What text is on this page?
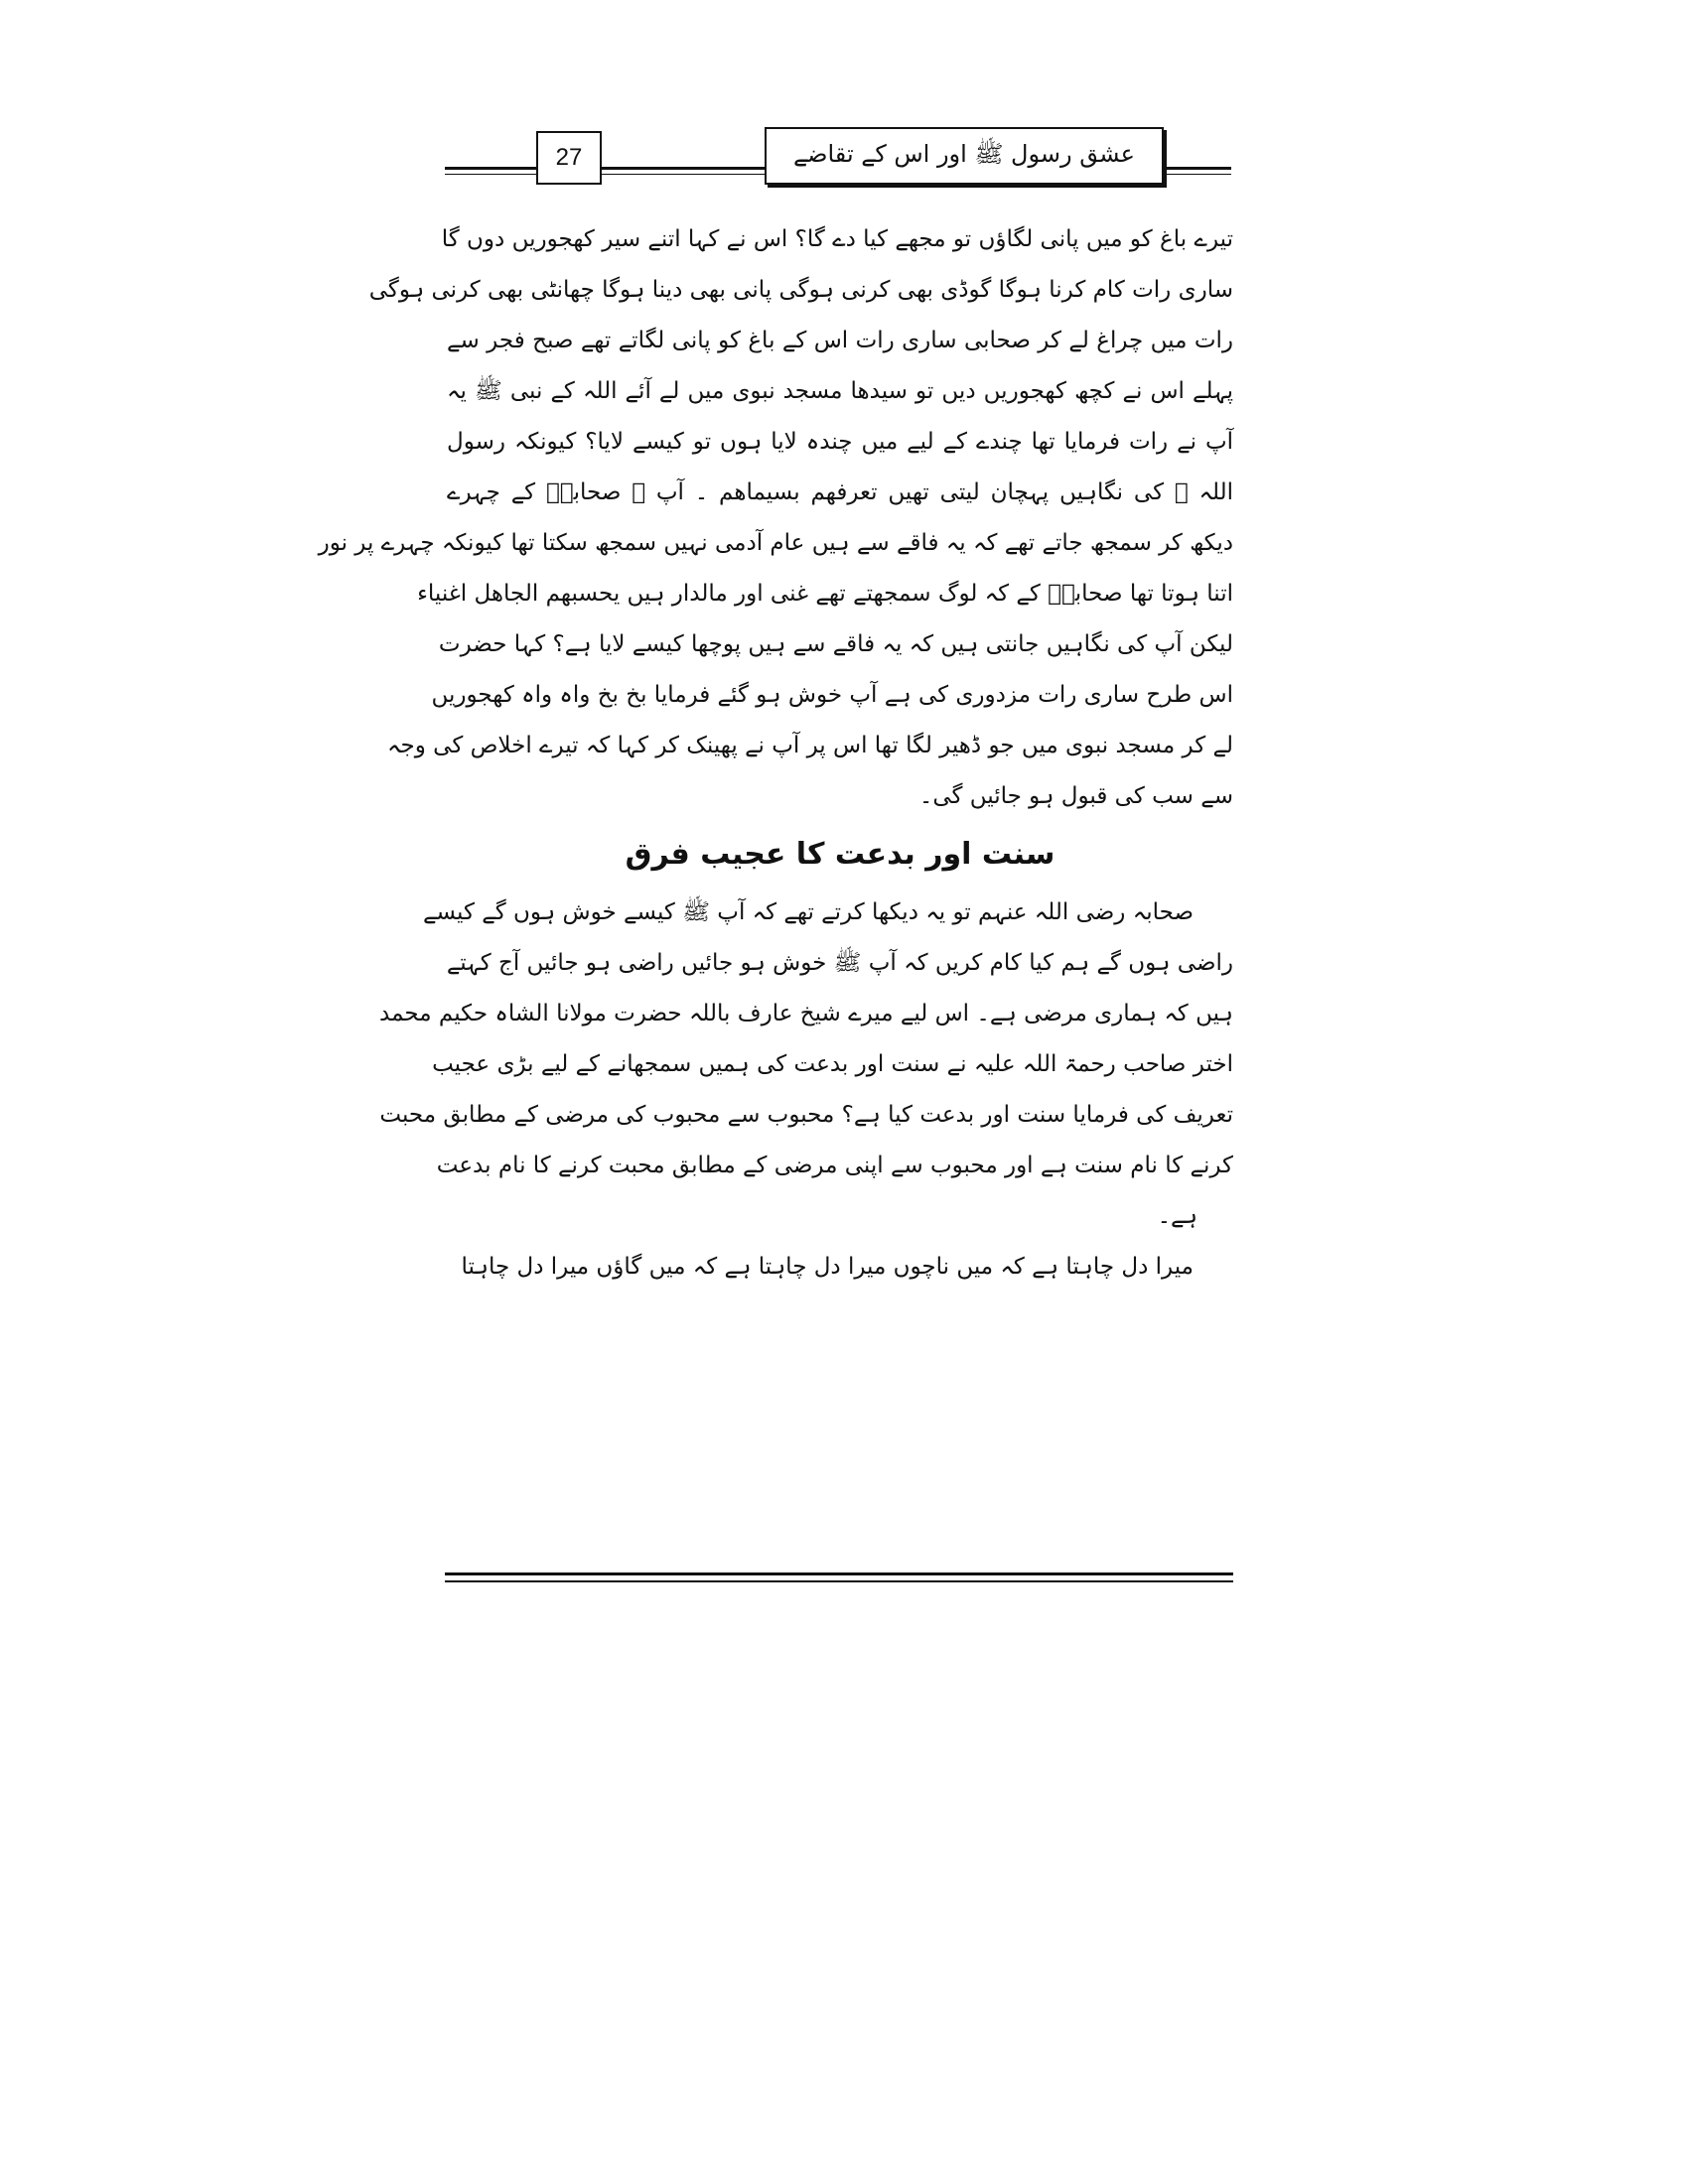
27	عشق رسول ﷺ اور اس کے تقاضے
تیرے باغ کو میں پانی لگاؤں تو مجھے کیا دے گا؟ اس نے کہا اتنے سیر کھجوریں دوں گا
ساری رات کام کرنا ہوگا گوڈی بھی کرنی ہوگی پانی بھی دینا ہوگا چھانٹی بھی کرنی ہوگی
رات میں چراغ لے کر صحابی ساری رات اس کے باغ کو پانی لگاتے تھے صبح فجر سے
پہلے اس نے کچھ کھجوریں دیں تو سیدھا مسجد نبوی میں لے آئے اللہ کے نبی ﷺ یہ
آپ نے رات فرمایا تھا چندے کے لیے میں چندہ لایا ہوں تو کیسے لایا؟ کیونکہ رسول
اللہ ﷺ کی نگاہیں پہچان لیتی تھیں تعرفھم بسیماھم ۔ آپ ﷺ صحابہؓ کے چہرے
دیکھ کر سمجھ جاتے تھے کہ یہ فاقے سے ہیں عام آدمی نہیں سمجھ سکتا تھا کیونکہ چہرے پر نور
اتنا ہوتا تھا صحابہؓ کے کہ لوگ سمجھتے تھے غنی اور مالدار ہیں یحسبھم الجاھل اغنیاء
لیکن آپ کی نگاہیں جانتی ہیں کہ یہ فاقے سے ہیں پوچھا کیسے لایا ہے؟ کہا حضرت
اس طرح ساری رات مزدوری کی ہے آپ خوش ہو گئے فرمایا بخ بخ واہ واہ کھجوریں
لے کر مسجد نبوی میں جو ڈھیر لگا تھا اس پر آپ نے پھینک کر کہا کہ تیرے اخلاص کی وجہ
سے سب کی قبول ہو جائیں گی۔
سنت اور بدعت کا عجیب فرق
صحابہ رضی اللہ عنہم تو یہ دیکھا کرتے تھے کہ آپ ﷺ کیسے خوش ہوں گے کیسے
راضی ہوں گے ہم کیا کام کریں کہ آپ ﷺ خوش ہو جائیں راضی ہو جائیں آج کہتے
ہیں کہ ہماری مرضی ہے۔ اس لیے میرے شیخ عارف باللہ حضرت مولانا الشاہ حکیم محمد
اختر صاحب رحمۃ اللہ علیہ نے سنت اور بدعت کی ہمیں سمجھانے کے لیے بڑی عجیب
تعریف کی فرمایا سنت اور بدعت کیا ہے؟ محبوب سے محبوب کی مرضی کے مطابق محبت
کرنے کا نام سنت ہے اور محبوب سے اپنی مرضی کے مطابق محبت کرنے کا نام بدعت
ہے۔
میرا دل چاہتا ہے کہ میں ناچوں میرا دل چاہتا ہے کہ میں گاؤں میرا دل چاہتا
